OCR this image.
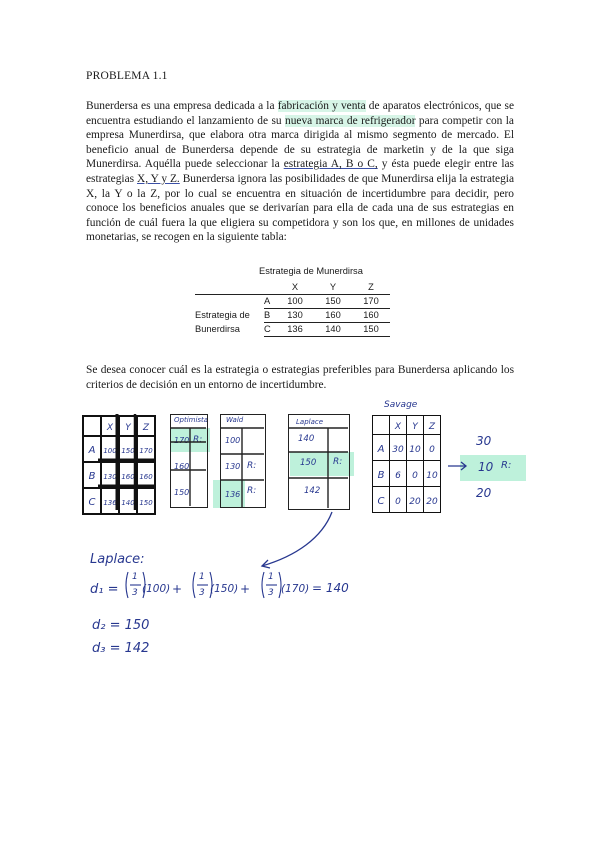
PROBLEMA 1.1

Bunerdersa es una empresa dedicada a la fabricación y venta de aparatos electrónicos, que se encuentra estudiando el lanzamiento de su nueva marca de refrigerador para competir con la empresa Munerdirsa, que elabora otra marca dirigida al mismo segmento de mercado. El beneficio anual de Bunerdersa depende de su estrategia de marketin y de la que siga Munerdirsa. Aquélla puede seleccionar la estrategia A, B o C, y ésta puede elegir entre las estrategias X, Y y Z. Bunerdersa ignora las posibilidades de que Munerdirsa elija la estrategia X, la Y o la Z, por lo cual se encuentra en situación de incertidumbre para decidir, pero conoce los beneficios anuales que se derivarían para ella de cada una de sus estrategias en función de cuál fuera la que eligiera su competidora y son los que, en millones de unidades monetarias, se recogen en la siguiente tabla:

Estrategia de Munerdirsa
		X	Y	Z
	A	100	150	170
Estrategia de	B	130	160	160
Bunerdirsa	C	136	140	150

Se desea conocer cuál es la estrategia o estrategias preferibles para Bunerdersa aplicando los criterios de decisión en un entorno de incertidumbre.

	X	Y	Z
A	100	150	170
B	130	160	160
C	136	140	150
Optimista
170
160
150
R:
Wald
100
130
136
R:
R:
Laplace
140
150
142
R:
Savage
	X	Y	Z
A	30	10	0
B	6	0	10
C	0	20	20
30
10
20
R:
Laplace:
d₁ =
1
3 (100) +
1
3 (150) +
1
3 (170) = 140
d₂ = 150
d₃ = 142
